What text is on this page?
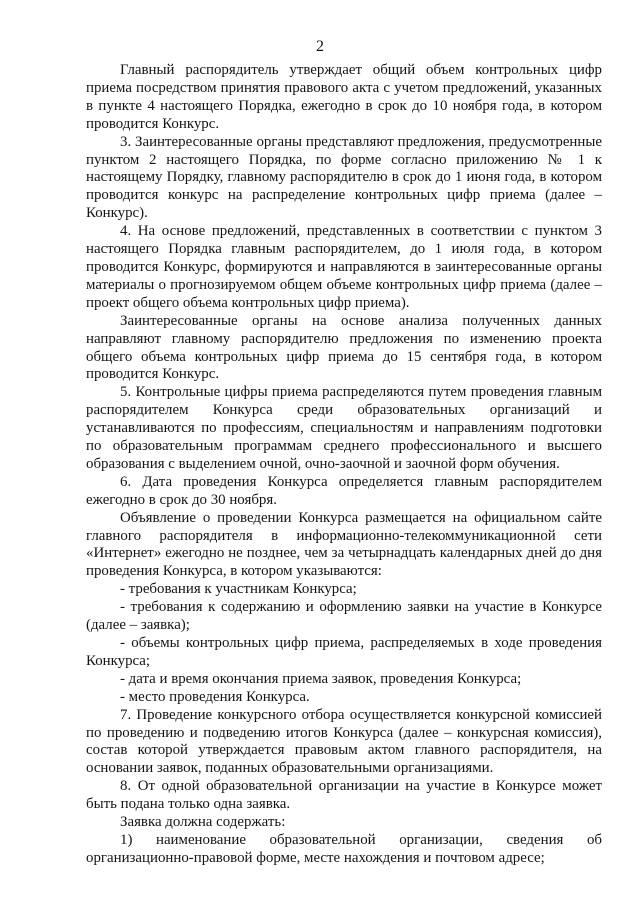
2

Главный распорядитель утверждает общий объем контрольных цифр приема посредством принятия правового акта с учетом предложений, указанных в пункте 4 настоящего Порядка, ежегодно в срок до 10 ноября года, в котором проводится Конкурс.

3. Заинтересованные органы представляют предложения, предусмотренные пунктом 2 настоящего Порядка, по форме согласно приложению № 1 к настоящему Порядку, главному распорядителю в срок до 1 июня года, в котором проводится конкурс на распределение контрольных цифр приема (далее – Конкурс).

4. На основе предложений, представленных в соответствии с пунктом 3 настоящего Порядка главным распорядителем, до 1 июля года, в котором проводится Конкурс, формируются и направляются в заинтересованные органы материалы о прогнозируемом общем объеме контрольных цифр приема (далее – проект общего объема контрольных цифр приема).

Заинтересованные органы на основе анализа полученных данных направляют главному распорядителю предложения по изменению проекта общего объема контрольных цифр приема до 15 сентября года, в котором проводится Конкурс.

5. Контрольные цифры приема распределяются путем проведения главным распорядителем Конкурса среди образовательных организаций и устанавливаются по профессиям, специальностям и направлениям подготовки по образовательным программам среднего профессионального и высшего образования с выделением очной, очно-заочной и заочной форм обучения.

6. Дата проведения Конкурса определяется главным распорядителем ежегодно в срок до 30 ноября.

Объявление о проведении Конкурса размещается на официальном сайте главного распорядителя в информационно-телекоммуникационной сети «Интернет» ежегодно не позднее, чем за четырнадцать календарных дней до дня проведения Конкурса, в котором указываются:

- требования к участникам Конкурса;

- требования к содержанию и оформлению заявки на участие в Конкурсе (далее – заявка);

- объемы контрольных цифр приема, распределяемых в ходе проведения Конкурса;

- дата и время окончания приема заявок, проведения Конкурса;

- место проведения Конкурса.

7. Проведение конкурсного отбора осуществляется конкурсной комиссией по проведению и подведению итогов Конкурса (далее – конкурсная комиссия), состав которой утверждается правовым актом главного распорядителя, на основании заявок, поданных образовательными организациями.

8. От одной образовательной организации на участие в Конкурсе может быть подана только одна заявка.

Заявка должна содержать:

1) наименование образовательной организации, сведения об организационно-правовой форме, месте нахождения и почтовом адресе;
